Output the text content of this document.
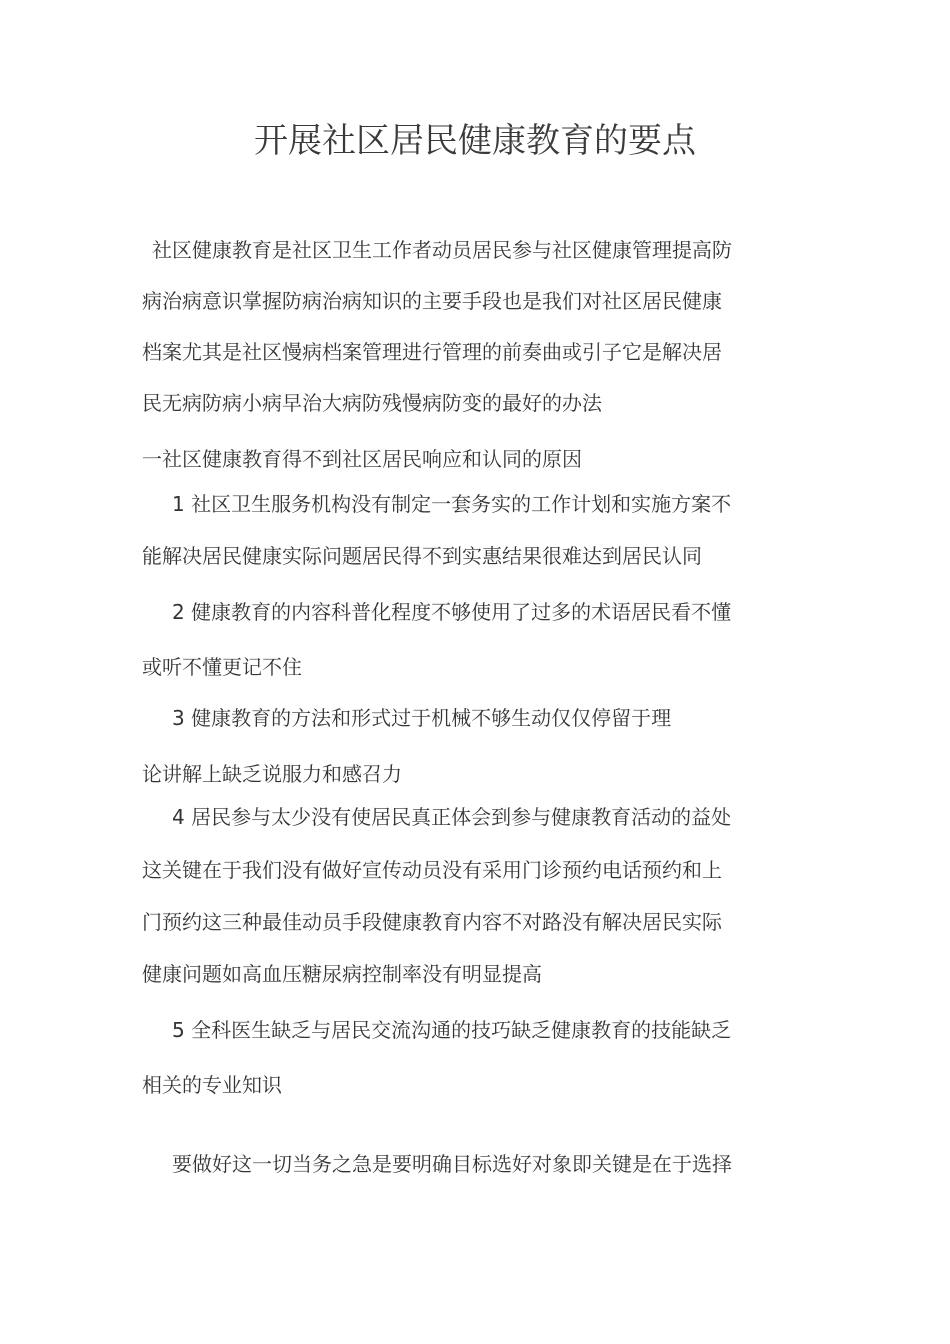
开展社区居民健康教育的要点
社区健康教育是社区卫生工作者动员居民参与社区健康管理提高防
病治病意识掌握防病治病知识的主要手段也是我们对社区居民健康
档案尤其是社区慢病档案管理进行管理的前奏曲或引子它是解决居
民无病防病小病早治大病防残慢病防变的最好的办法
一社区健康教育得不到社区居民响应和认同的原因
1 社区卫生服务机构没有制定一套务实的工作计划和实施方案不
能解决居民健康实际问题居民得不到实惠结果很难达到居民认同
2 健康教育的内容科普化程度不够使用了过多的术语居民看不懂
或听不懂更记不住
3 健康教育的方法和形式过于机械不够生动仅仅停留于理
论讲解上缺乏说服力和感召力
4 居民参与太少没有使居民真正体会到参与健康教育活动的益处
这关键在于我们没有做好宣传动员没有采用门诊预约电话预约和上
门预约这三种最佳动员手段健康教育内容不对路没有解决居民实际
健康问题如高血压糖尿病控制率没有明显提高
5 全科医生缺乏与居民交流沟通的技巧缺乏健康教育的技能缺乏
相关的专业知识
要做好这一切当务之急是要明确目标选好对象即关键是在于选择
